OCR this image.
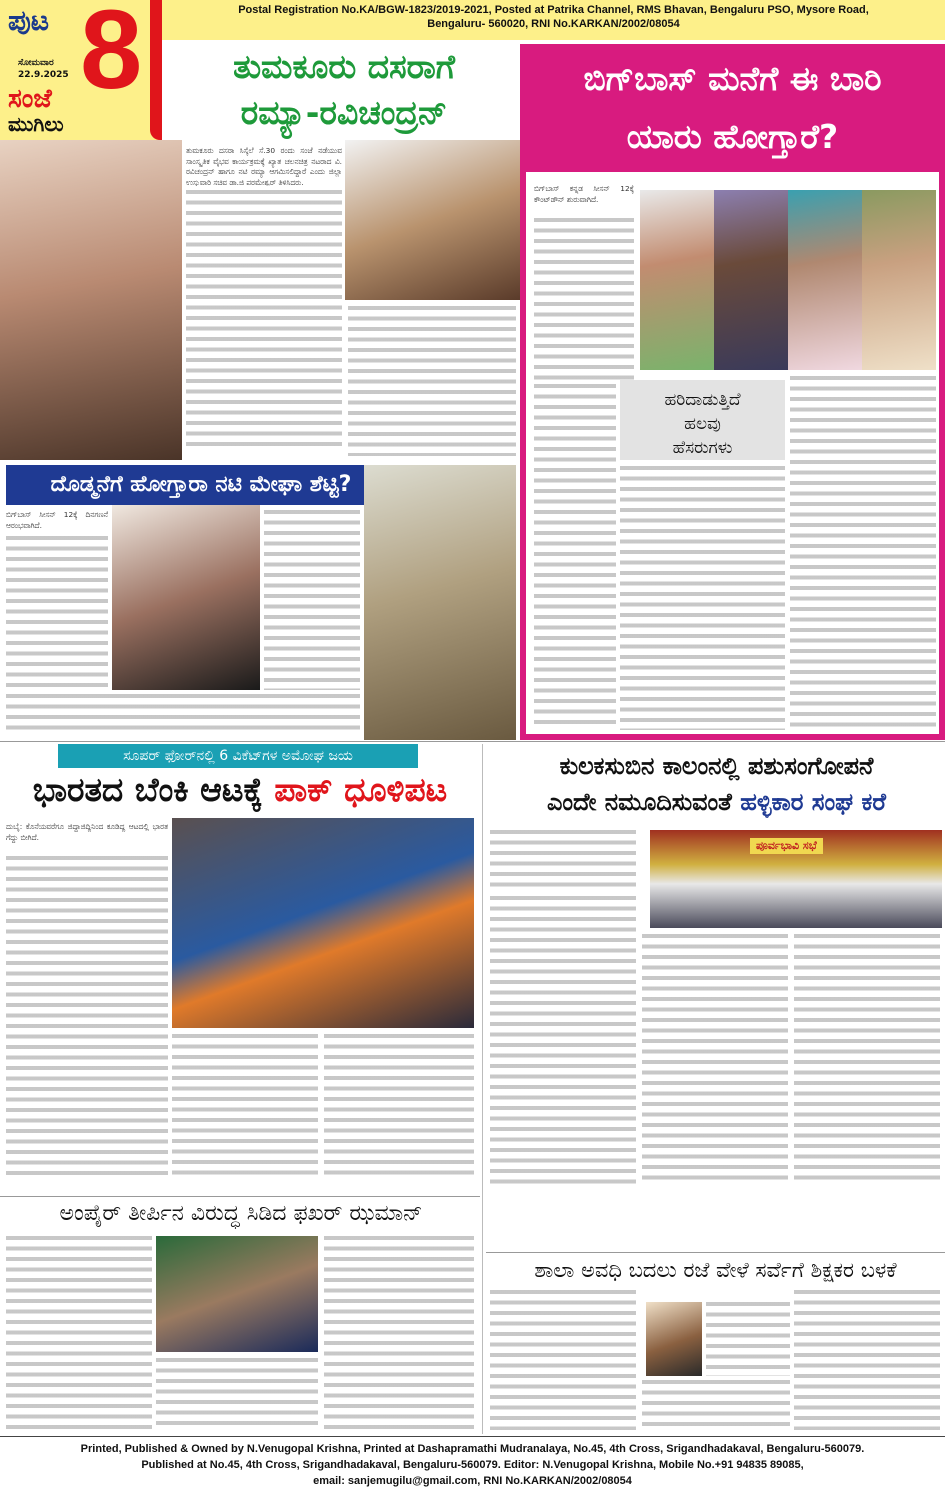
ಪುಟ 8
ಸೋಮವಾರ
22.9.2025
ಸಂಜೆ
ಮುಗಿಲು
Postal Registration No.KA/BGW-1823/2019-2021, Posted at Patrika Channel, RMS Bhavan, Bengaluru PSO, Mysore Road,
Bengaluru- 560020, RNI No.KARKAN/2002/08054
ತುಮಕೂರು ದಸರಾಗೆ
ರಮ್ಯಾ-ರವಿಚಂದ್ರನ್
ತುಮಕೂರು ದಸರಾ ಸಿಸ್ಕೆಲೆ ಸೆ.30 ರಂದು ಸಂಜೆ ನಡೆಯುವ ಸಾಂಸ್ಕೃತಿಕ ವೈಭವ ಕಾರ್ಯಕ್ರಮಕ್ಕೆ ಖ್ಯಾತ ಚಲನಚಿತ್ರ ನಟರಾದ ವಿ. ರವಿಚಂದ್ರನ್ ಹಾಗೂ ನಟಿ ರಮ್ಯಾ ಆಗಮಿಸಲಿದ್ದಾರೆ ಎಂದು ಜಿಲ್ಲಾ ಉಸ್ತುವಾರಿ ಸಚಿವ ಡಾ.ಜಿ ಪರಮೇಶ್ವರ್ ತಿಳಿಸಿದರು.
ಬಿಗ್‌ಬಾಸ್ ಮನೆಗೆ ಈ ಬಾರಿ
ಯಾರು ಹೋಗ್ತಾರೆ?
ಬಿಗ್‌ಬಾಸ್ ಕನ್ನಡ ಸೀಸನ್ 12ಕ್ಕೆ ಕೌಂಟ್‌ಡೌನ್ ಶುರುವಾಗಿದೆ.
ಹರಿದಾಡುತ್ತಿದೆ
ಹಲವು
ಹೆಸರುಗಳು
ದೊಡ್ಮನೆಗೆ ಹೋಗ್ತಾರಾ ನಟಿ ಮೇಘಾ ಶೆಟ್ಟಿ?
ಬಿಗ್‌ಬಾಸ್ ಸೀಸನ್ 12ಕ್ಕೆ ದಿನಗಣನೆ ಆರಂಭವಾಗಿದೆ.
ಸೂಪರ್ ಫೋರ್‌ನಲ್ಲಿ 6 ವಿಕೆಟ್‌ಗಳ ಅಮೋಘ ಜಯ
ಭಾರತದ ಬೆಂಕಿ ಆಟಕ್ಕೆ ಪಾಕ್ ಧೂಳಿಪಟ
ದುಬೈ: ಕೊನೆಯವರೆಗೂ ಜಿದ್ದಾಜಿದ್ದಿನಿಂದ ಕೂಡಿದ್ದ ಆಟದಲ್ಲಿ ಭಾರತ ಗೆದ್ದು ಬೀಗಿದೆ.
ಅಂಪೈರ್ ತೀರ್ಪಿನ ವಿರುದ್ಧ ಸಿಡಿದ ಫಖರ್ ಝಮಾನ್
ಕುಲಕಸುಬಿನ ಕಾಲಂನಲ್ಲಿ ಪಶುಸಂಗೋಪನೆ
ಎಂದೇ ನಮೂದಿಸುವಂತೆ ಹಳ್ಳಿಕಾರ ಸಂಘ ಕರೆ
ಪೂರ್ವಭಾವಿ ಸಭೆ
ಶಾಲಾ ಅವಧಿ ಬದಲು ರಜೆ ವೇಳೆ ಸರ್ವೆಗೆ ಶಿಕ್ಷಕರ ಬಳಕೆ
Printed, Published & Owned by N.Venugopal Krishna, Printed at Dashapramathi Mudranalaya, No.45, 4th Cross, Srigandhadakaval, Bengaluru-560079.
Published at No.45, 4th Cross, Srigandhadakaval, Bengaluru-560079. Editor: N.Venugopal Krishna, Mobile No.+91 94835 89085,
email: sanjemugilu@gmail.com, RNI No.KARKAN/2002/08054
